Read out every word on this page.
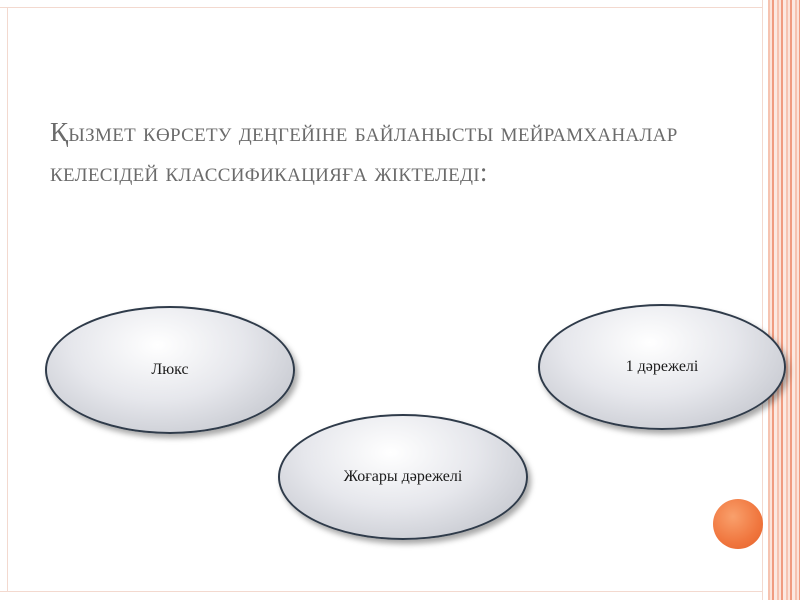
Қызмет көрсету деңгейіне байланысты мейрамханалар
келесідей классификацияға жіктеледі:
Люкс	1 дәрежелі
Жоғары дәрежелі
